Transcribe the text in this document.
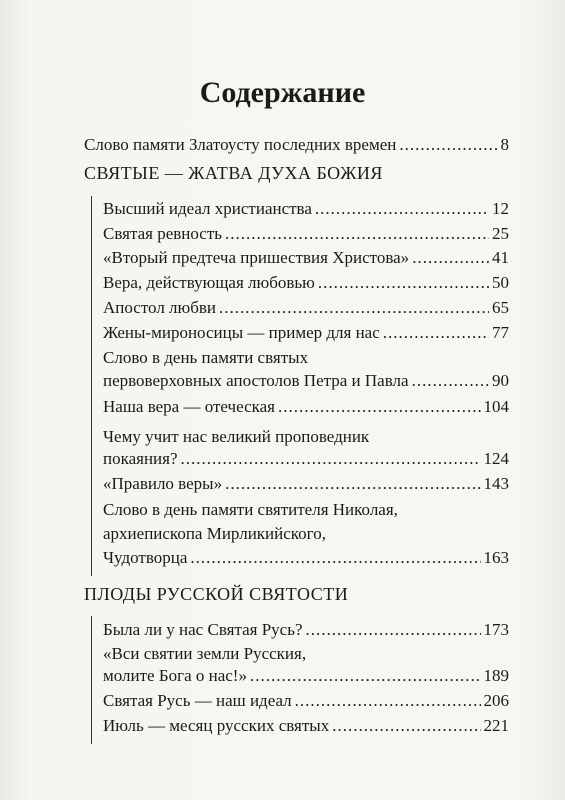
Содержание
Слово памяти Златоусту последних времен .....	8
СВЯТЫЕ — ЖАТВА ДУХА БОЖИЯ
Высший идеал христианства .....	12
Святая ревность .....	25
«Вторый предтеча пришествия Христова» .....	41
Вера, действующая любовью .....	50
Апостол любви .....	65
Жены-мироносицы — пример для нас .....	77
Слово в день памяти святых
первоверховных апостолов Петра и Павла .....	90
Наша вера — отеческая .....	104
Чему учит нас великий проповедник
покаяния? .....	124
«Правило веры» .....	143
Слово в день памяти святителя Николая,
архиепископа Мирликийского,
Чудотворца .....	163
ПЛОДЫ РУССКОЙ СВЯТОСТИ
Была ли у нас Святая Русь? .....	173
«Вси святии земли Русския,
молите Бога о нас!» .....	189
Святая Русь — наш идеал .....	206
Июль — месяц русских святых .....	221
